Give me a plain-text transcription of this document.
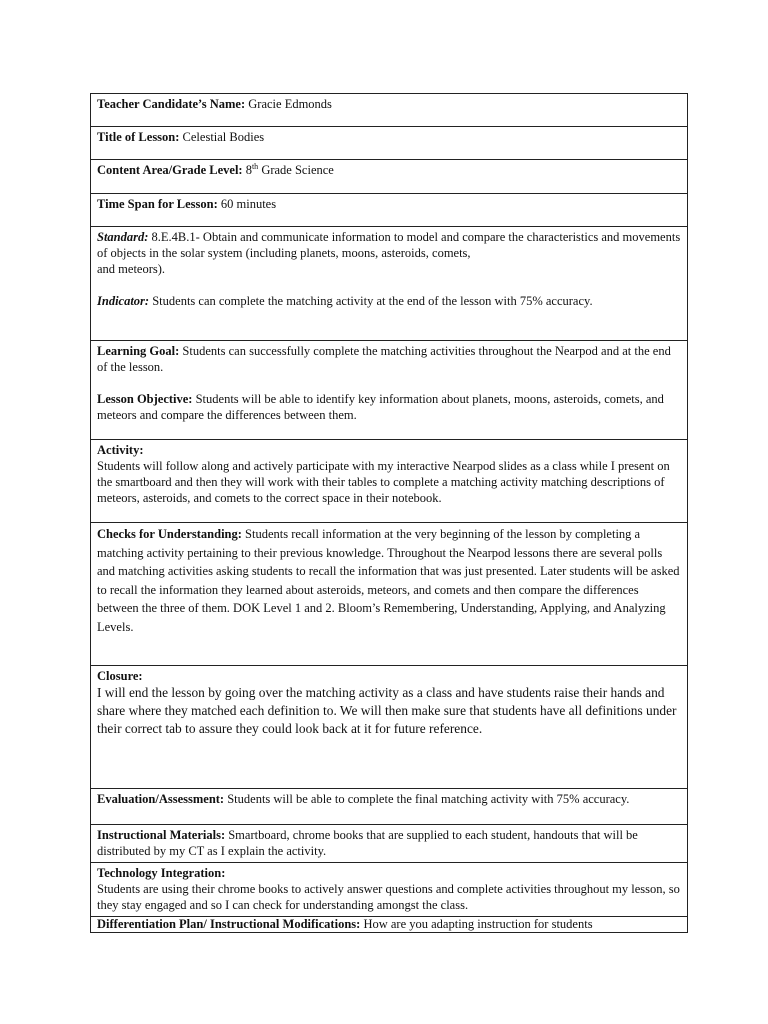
Teacher Candidate’s Name: Gracie Edmonds
Title of Lesson: Celestial Bodies
Content Area/Grade Level: 8th Grade Science
Time Span for Lesson: 60 minutes

Standard: 8.E.4B.1- Obtain and communicate information to model and compare the characteristics and movements of objects in the solar system (including planets, moons, asteroids, comets,
and meteors).

Indicator: Students can complete the matching activity at the end of the lesson with 75% accuracy.

Learning Goal: Students can successfully complete the matching activities throughout the Nearpod and at the end of the lesson.

Lesson Objective: Students will be able to identify key information about planets, moons, asteroids, comets, and meteors and compare the differences between them.

Activity:

Students will follow along and actively participate with my interactive Nearpod slides as a class while I present on the smartboard and then they will work with their tables to complete a matching activity matching descriptions of meteors, asteroids, and comets to the correct space in their notebook.

Checks for Understanding: Students recall information at the very beginning of the lesson by completing a matching activity pertaining to their previous knowledge. Throughout the Nearpod lessons there are several polls and matching activities asking students to recall the information that was just presented. Later students will be asked to recall the information they learned about asteroids, meteors, and comets and then compare the differences between the three of them. DOK Level 1 and 2. Bloom’s Remembering, Understanding, Applying, and Analyzing Levels.

Closure:

I will end the lesson by going over the matching activity as a class and have students raise their hands and share where they matched each definition to. We will then make sure that students have all definitions under their correct tab to assure they could look back at it for future reference.

Evaluation/Assessment: Students will be able to complete the final matching activity with 75% accuracy.

Instructional Materials: Smartboard, chrome books that are supplied to each student, handouts that will be distributed by my CT as I explain the activity.

Technology Integration:

Students are using their chrome books to actively answer questions and complete activities throughout my lesson, so they stay engaged and so I can check for understanding amongst the class.

Differentiation Plan/ Instructional Modifications: How are you adapting instruction for students
